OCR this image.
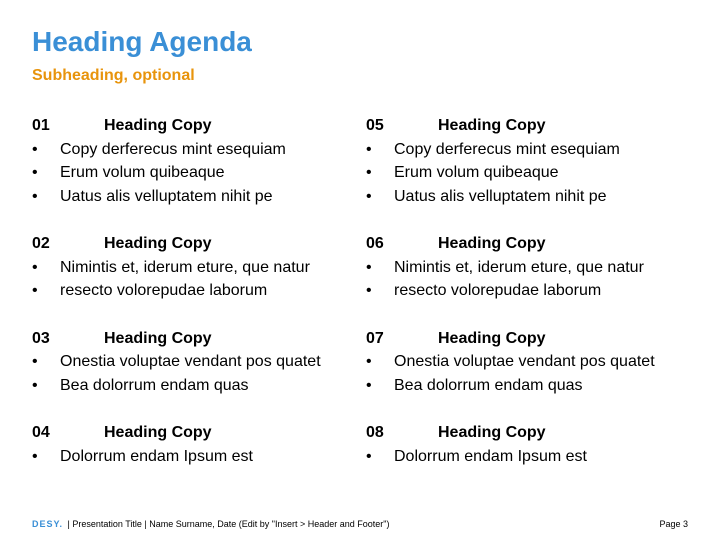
Heading Agenda
Subheading, optional
01	Heading Copy
• Copy derferecus mint esequiam
• Erum volum quibeaque
• Uatus alis velluptatem nihit pe
02	Heading Copy
• Nimintis et, iderum eture, que natur
• resecto volorepudae laborum
03	Heading Copy
• Onestia voluptae vendant pos quatet
• Bea dolorrum endam quas
04	Heading Copy
• Dolorrum endam Ipsum est
05	Heading Copy
• Copy derferecus mint esequiam
• Erum volum quibeaque
• Uatus alis velluptatem nihit pe
06	Heading Copy
• Nimintis et, iderum eture, que natur
• resecto volorepudae laborum
07	Heading Copy
• Onestia voluptae vendant pos quatet
• Bea dolorrum endam quas
08	Heading Copy
• Dolorrum endam Ipsum est
DESY. | Presentation Title | Name Surname, Date (Edit by "Insert > Header and Footer")	Page 3
